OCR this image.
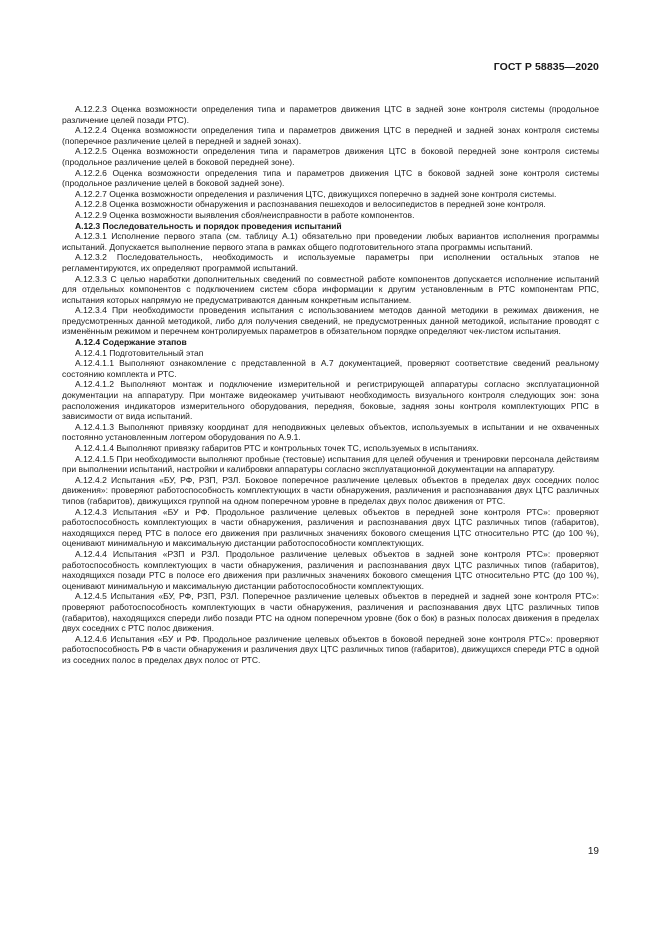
ГОСТ Р 58835—2020

А.12.2.3 Оценка возможности определения типа и параметров движения ЦТС в задней зоне контроля системы (продольное различение целей позади РТС).

А.12.2.4 Оценка возможности определения типа и параметров движения ЦТС в передней и задней зонах контроля системы (поперечное различение целей в передней и задней зонах).

А.12.2.5 Оценка возможности определения типа и параметров движения ЦТС в боковой передней зоне контроля системы (продольное различение целей в боковой передней зоне).

А.12.2.6 Оценка возможности определения типа и параметров движения ЦТС в боковой задней зоне контроля системы (продольное различение целей в боковой задней зоне).

А.12.2.7 Оценка возможности определения и различения ЦТС, движущихся поперечно в задней зоне контроля системы.

А.12.2.8 Оценка возможности обнаружения и распознавания пешеходов и велосипедистов в передней зоне контроля.

А.12.2.9 Оценка возможности выявления сбоя/неисправности в работе компонентов.

А.12.3 Последовательность и порядок проведения испытаний

А.12.3.1 Исполнение первого этапа (см. таблицу А.1) обязательно при проведении любых вариантов исполнения программы испытаний. Допускается выполнение первого этапа в рамках общего подготовительного этапа программы испытаний.

А.12.3.2 Последовательность, необходимость и используемые параметры при исполнении остальных этапов не регламентируются, их определяют программой испытаний.

А.12.3.3 С целью наработки дополнительных сведений по совместной работе компонентов допускается исполнение испытаний для отдельных компонентов с подключением систем сбора информации к другим установленным в РТС компонентам РПС, испытания которых напрямую не предусматриваются данным конкретным испытанием.

А.12.3.4 При необходимости проведения испытания с использованием методов данной методики в режимах движения, не предусмотренных данной методикой, либо для получения сведений, не предусмотренных данной методикой, испытание проводят с изменённым режимом и перечнем контролируемых параметров в обязательном порядке определяют чек-листом испытания.

А.12.4 Содержание этапов

А.12.4.1 Подготовительный этап

А.12.4.1.1 Выполняют ознакомление с представленной в А.7 документацией, проверяют соответствие сведений реальному состоянию комплекта и РТС.

А.12.4.1.2 Выполняют монтаж и подключение измерительной и регистрирующей аппаратуры согласно эксплуатационной документации на аппаратуру. При монтаже видеокамер учитывают необходимость визуального контроля следующих зон: зона расположения индикаторов измерительного оборудования, передняя, боковые, задняя зоны контроля комплектующих РПС в зависимости от вида испытаний.

А.12.4.1.3 Выполняют привязку координат для неподвижных целевых объектов, используемых в испытании и не охваченных постоянно установленным логгером оборудования по А.9.1.

А.12.4.1.4 Выполняют привязку габаритов РТС и контрольных точек ТС, используемых в испытаниях.

А.12.4.1.5 При необходимости выполняют пробные (тестовые) испытания для целей обучения и тренировки персонала действиям при выполнении испытаний, настройки и калибровки аппаратуры согласно эксплуатационной документации на аппаратуру.

А.12.4.2 Испытания «БУ, РФ, РЗП, РЗЛ. Боковое поперечное различение целевых объектов в пределах двух соседних полос движения»: проверяют работоспособность комплектующих в части обнаружения, различения и распознавания двух ЦТС различных типов (габаритов), движущихся группой на одном поперечном уровне в пределах двух полос движения от РТС.

А.12.4.3 Испытания «БУ и РФ. Продольное различение целевых объектов в передней зоне контроля РТС»: проверяют работоспособность комплектующих в части обнаружения, различения и распознавания двух ЦТС различных типов (габаритов), находящихся перед РТС в полосе его движения при различных значениях бокового смещения ЦТС относительно РТС (до 100 %), оценивают минимальную и максимальную дистанции работоспособности комплектующих.

А.12.4.4 Испытания «РЗП и РЗЛ. Продольное различение целевых объектов в задней зоне контроля РТС»: проверяют работоспособность комплектующих в части обнаружения, различения и распознавания двух ЦТС различных типов (габаритов), находящихся позади РТС в полосе его движения при различных значениях бокового смещения ЦТС относительно РТС (до 100 %), оценивают минимальную и максимальную дистанции работоспособности комплектующих.

А.12.4.5 Испытания «БУ, РФ, РЗП, РЗЛ. Поперечное различение целевых объектов в передней и задней зоне контроля РТС»: проверяют работоспособность комплектующих в части обнаружения, различения и распознавания двух ЦТС различных типов (габаритов), находящихся спереди либо позади РТС на одном поперечном уровне (бок о бок) в разных полосах движения в пределах двух соседних с РТС полос движения.

А.12.4.6 Испытания «БУ и РФ. Продольное различение целевых объектов в боковой передней зоне контроля РТС»: проверяют работоспособность РФ в части обнаружения и различения двух ЦТС различных типов (габаритов), движущихся спереди РТС в одной из соседних полос в пределах двух полос от РТС.

19
